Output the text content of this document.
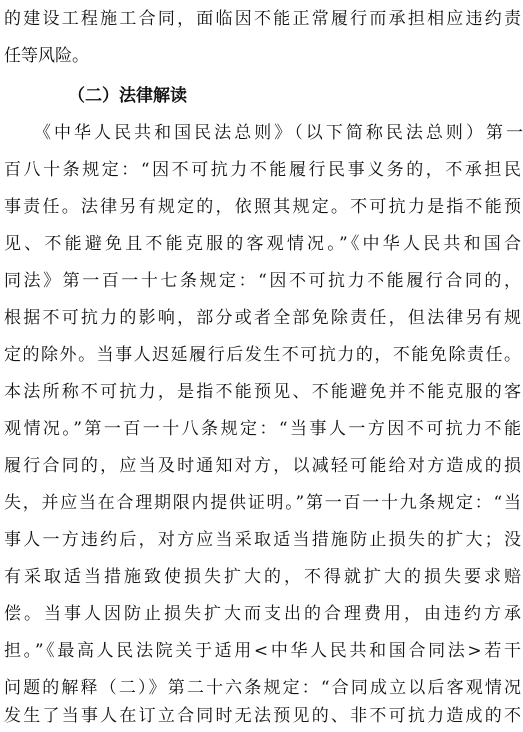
的建设工程施工合同，面临因不能正常履行而承担相应违约责
任等风险。
（二）法律解读
《中华人民共和国民法总则》（以下简称民法总则）第一
百八十条规定：“因不可抗力不能履行民事义务的，不承担民
事责任。法律另有规定的，依照其规定。不可抗力是指不能预
见、不能避免且不能克服的客观情况。”《中华人民共和国合
同法》第一百一十七条规定：“因不可抗力不能履行合同的，
根据不可抗力的影响，部分或者全部免除责任，但法律另有规
定的除外。当事人迟延履行后发生不可抗力的，不能免除责任。
本法所称不可抗力，是指不能预见、不能避免并不能克服的客
观情况。”第一百一十八条规定：“当事人一方因不可抗力不能
履行合同的，应当及时通知对方，以减轻可能给对方造成的损
失，并应当在合理期限内提供证明。”第一百一十九条规定：“当
事人一方违约后，对方应当采取适当措施防止损失的扩大；没
有采取适当措施致使损失扩大的，不得就扩大的损失要求赔
偿。当事人因防止损失扩大而支出的合理费用，由违约方承
担。”《最高人民法院关于适用<中华人民共和国合同法>若干
问题的解释（二）》第二十六条规定：“合同成立以后客观情况
发生了当事人在订立合同时无法预见的、非不可抗力造成的不
